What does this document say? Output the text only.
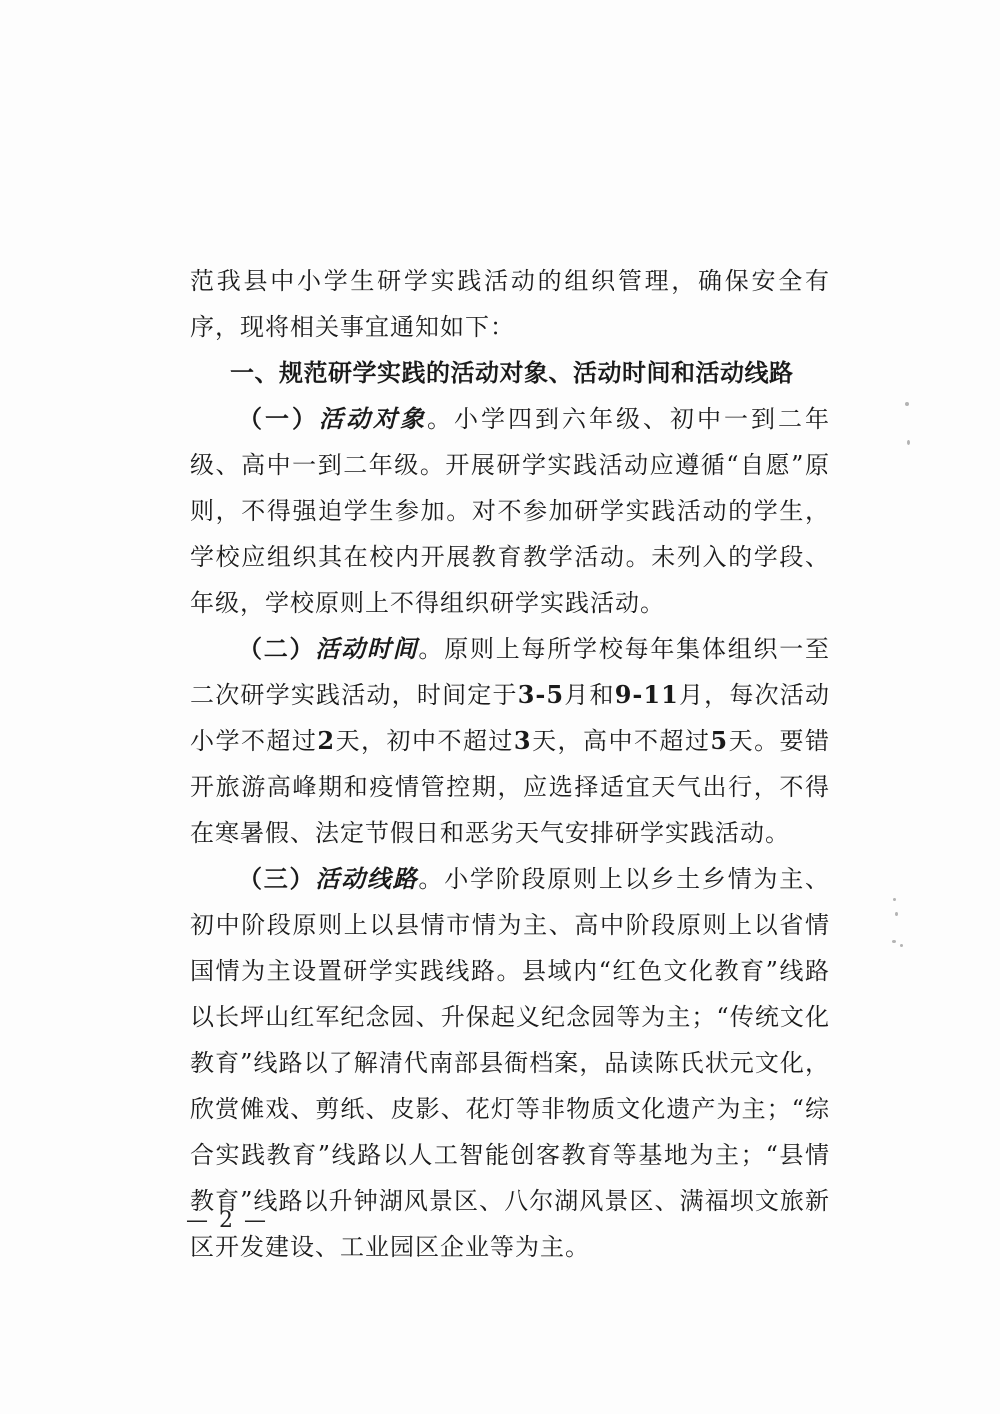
范我县中小学生研学实践活动的组织管理，确保安全有序，现将相关事宜通知如下：

一、规范研学实践的活动对象、活动时间和活动线路

（一）活动对象。小学四到六年级、初中一到二年级、高中一到二年级。开展研学实践活动应遵循“自愿”原则，不得强迫学生参加。对不参加研学实践活动的学生，学校应组织其在校内开展教育教学活动。未列入的学段、年级，学校原则上不得组织研学实践活动。

（二）活动时间。原则上每所学校每年集体组织一至二次研学实践活动，时间定于3-5月和9-11月，每次活动小学不超过2天，初中不超过3天，高中不超过5天。要错开旅游高峰期和疫情管控期，应选择适宜天气出行，不得在寒暑假、法定节假日和恶劣天气安排研学实践活动。

（三）活动线路。小学阶段原则上以乡土乡情为主、初中阶段原则上以县情市情为主、高中阶段原则上以省情国情为主设置研学实践线路。县域内“红色文化教育”线路以长坪山红军纪念园、升保起义纪念园等为主；“传统文化教育”线路以了解清代南部县衙档案，品读陈氏状元文化，欣赏傩戏、剪纸、皮影、花灯等非物质文化遗产为主；“综合实践教育”线路以人工智能创客教育等基地为主；“县情教育”线路以升钟湖风景区、八尔湖风景区、满福坝文旅新区开发建设、工业园区企业等为主。

— 2 —
